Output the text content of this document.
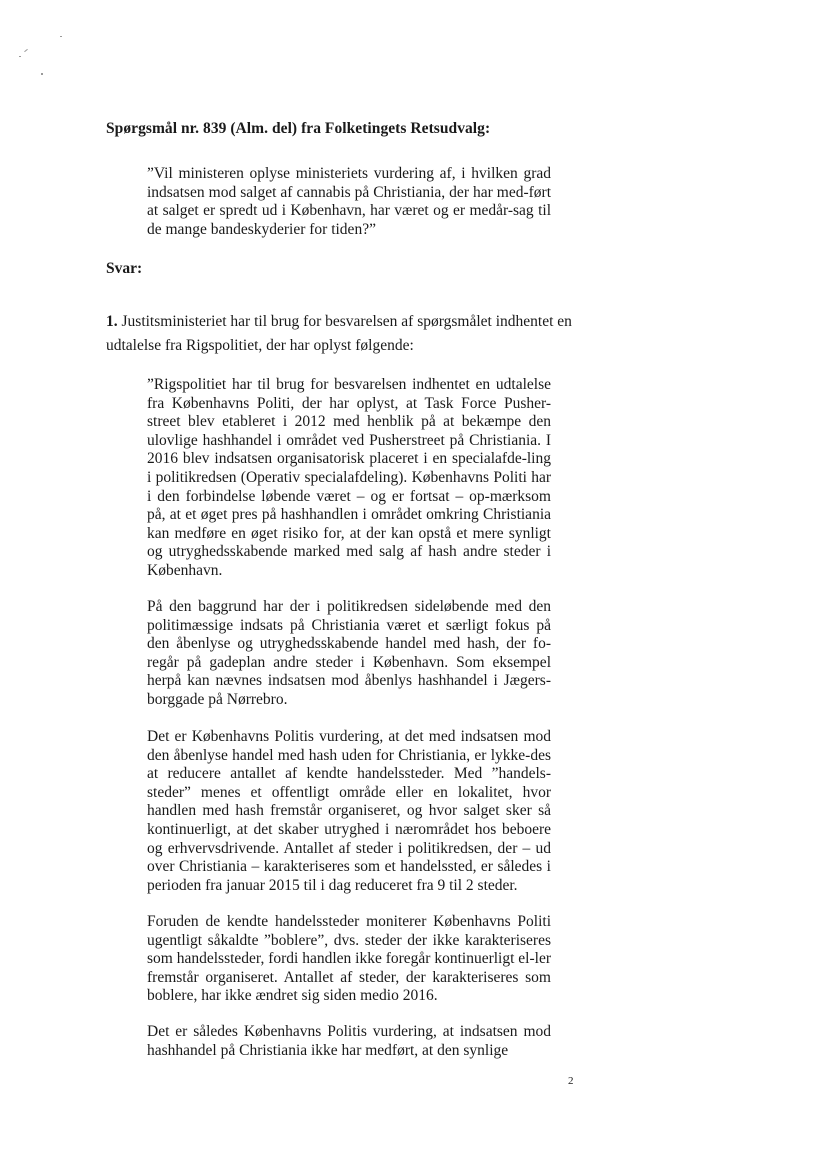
Spørgsmål nr. 839 (Alm. del) fra Folketingets Retsudvalg:
”Vil ministeren oplyse ministeriets vurdering af, i hvilken grad indsatsen mod salget af cannabis på Christiania, der har med-ført at salget er spredt ud i København, har været og er medår-sag til de mange bandeskyderier for tiden?”
Svar:
1. Justitsministeriet har til brug for besvarelsen af spørgsmålet indhentet en udtalelse fra Rigspolitiet, der har oplyst følgende:
”Rigspolitiet har til brug for besvarelsen indhentet en udtalelse fra Københavns Politi, der har oplyst, at Task Force Pusher-street blev etableret i 2012 med henblik på at bekæmpe den ulovlige hashhandel i området ved Pusherstreet på Christiania. I 2016 blev indsatsen organisatorisk placeret i en specialafde-ling i politikredsen (Operativ specialafdeling). Københavns Politi har i den forbindelse løbende været – og er fortsat – op-mærksom på, at et øget pres på hashhandlen i området omkring Christiania kan medføre en øget risiko for, at der kan opstå et mere synligt og utryghedsskabende marked med salg af hash andre steder i København.
På den baggrund har der i politikredsen sideløbende med den politimæssige indsats på Christiania været et særligt fokus på den åbenlyse og utryghedsskabende handel med hash, der fo-regår på gadeplan andre steder i København. Som eksempel herpå kan nævnes indsatsen mod åbenlys hashhandel i Jægers-borggade på Nørrebro.
Det er Københavns Politis vurdering, at det med indsatsen mod den åbenlyse handel med hash uden for Christiania, er lykke-des at reducere antallet af kendte handelssteder. Med ”handels-steder” menes et offentligt område eller en lokalitet, hvor handlen med hash fremstår organiseret, og hvor salget sker så kontinuerligt, at det skaber utryghed i nærområdet hos beboere og erhvervsdrivende. Antallet af steder i politikredsen, der – ud over Christiania – karakteriseres som et handelssted, er således i perioden fra januar 2015 til i dag reduceret fra 9 til 2 steder.
Foruden de kendte handelssteder moniterer Københavns Politi ugentligt såkaldte ”boblere”, dvs. steder der ikke karakteriseres som handelssteder, fordi handlen ikke foregår kontinuerligt el-ler fremstår organiseret. Antallet af steder, der karakteriseres som boblere, har ikke ændret sig siden medio 2016.
Det er således Københavns Politis vurdering, at indsatsen mod hashhandel på Christiania ikke har medført, at den synlige
2
